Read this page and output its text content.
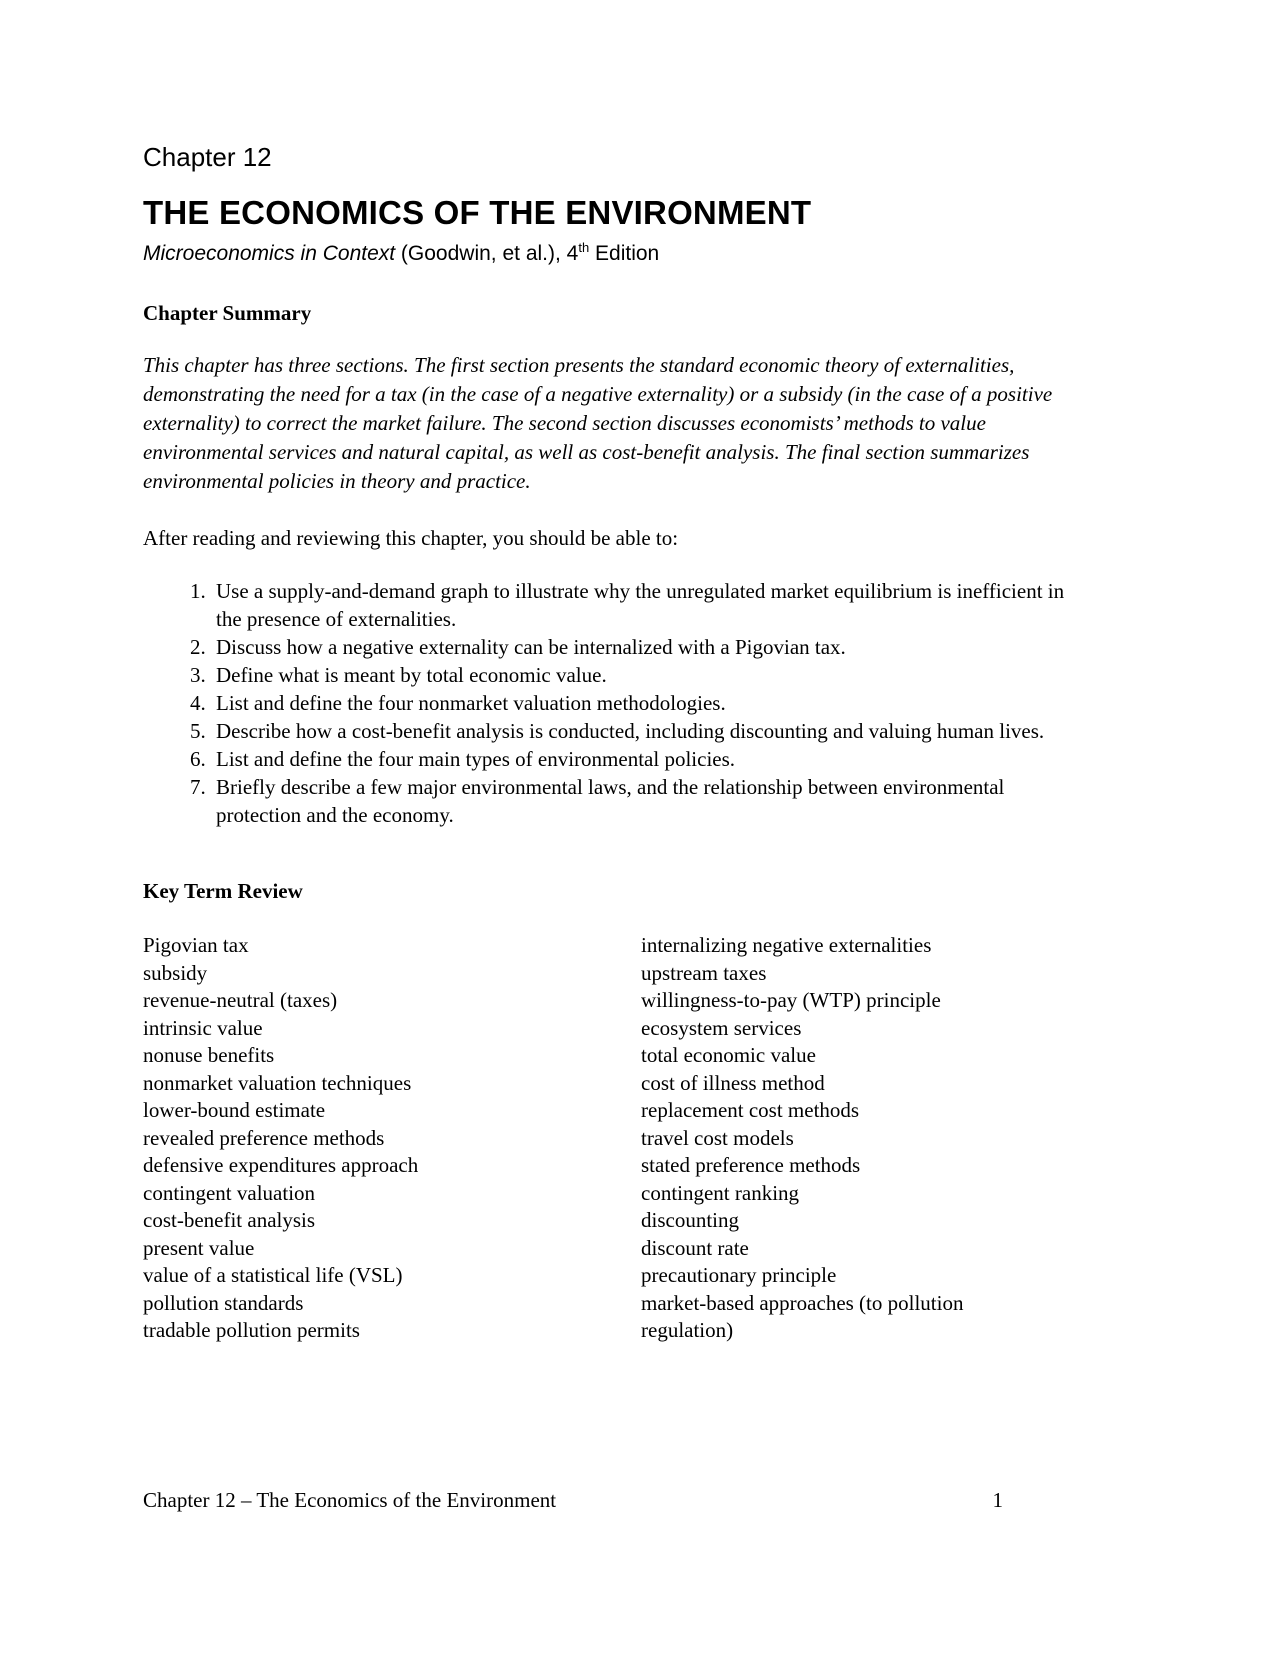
Chapter 12
THE ECONOMICS OF THE ENVIRONMENT
Microeconomics in Context (Goodwin, et al.), 4th Edition
Chapter Summary

This chapter has three sections. The first section presents the standard economic theory of externalities, demonstrating the need for a tax (in the case of a negative externality) or a subsidy (in the case of a positive externality) to correct the market failure. The second section discusses economists’ methods to value environmental services and natural capital, as well as cost-benefit analysis. The final section summarizes environmental policies in theory and practice.

After reading and reviewing this chapter, you should be able to:

1. Use a supply-and-demand graph to illustrate why the unregulated market equilibrium is inefficient in the presence of externalities.
2. Discuss how a negative externality can be internalized with a Pigovian tax.
3. Define what is meant by total economic value.
4. List and define the four nonmarket valuation methodologies.
5. Describe how a cost-benefit analysis is conducted, including discounting and valuing human lives.
6. List and define the four main types of environmental policies.
7. Briefly describe a few major environmental laws, and the relationship between environmental protection and the economy.
Key Term Review
Pigovian tax
subsidy
revenue-neutral (taxes)
intrinsic value
nonuse benefits
nonmarket valuation techniques
lower-bound estimate
revealed preference methods
defensive expenditures approach
contingent valuation
cost-benefit analysis
present value
value of a statistical life (VSL)
pollution standards
tradable pollution permits
internalizing negative externalities
upstream taxes
willingness-to-pay (WTP) principle
ecosystem services
total economic value
cost of illness method
replacement cost methods
travel cost models
stated preference methods
contingent ranking
discounting
discount rate
precautionary principle
market-based approaches (to pollution regulation)
Chapter 12 – The Economics of the Environment	1
